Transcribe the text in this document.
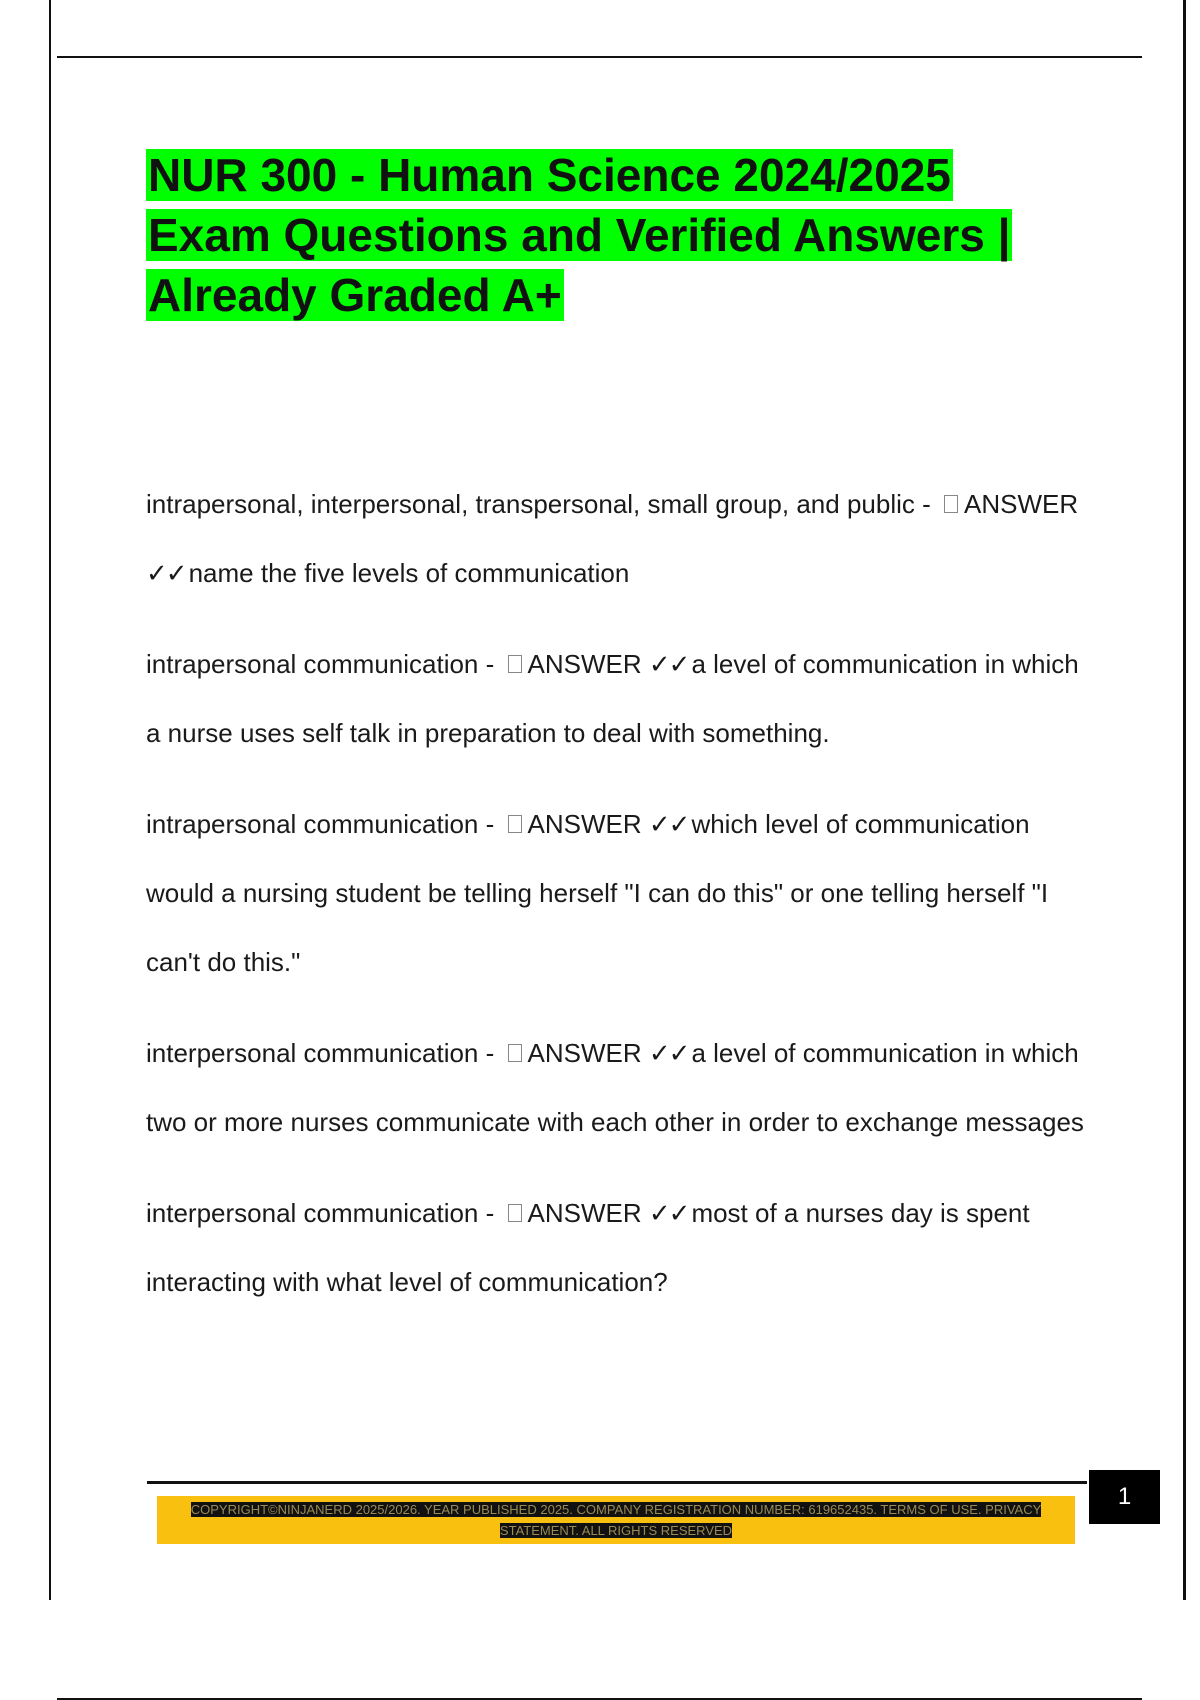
NUR 300 - Human Science 2024/2025 Exam Questions and Verified Answers | Already Graded A+
intrapersonal, interpersonal, transpersonal, small group, and public - ANSWER ✓✓ name the five levels of communication
intrapersonal communication - ANSWER ✓✓ a level of communication in which a nurse uses self talk in preparation to deal with something.
intrapersonal communication - ANSWER ✓✓ which level of communication would a nursing student be telling herself "I can do this" or one telling herself "I can't do this."
interpersonal communication - ANSWER ✓✓ a level of communication in which two or more nurses communicate with each other in order to exchange messages
interpersonal communication - ANSWER ✓✓ most of a nurses day is spent interacting with what level of communication?
1
COPYRIGHT©NINJANERD 2025/2026. YEAR PUBLISHED 2025. COMPANY REGISTRATION NUMBER: 619652435. TERMS OF USE. PRIVACY STATEMENT. ALL RIGHTS RESERVED
